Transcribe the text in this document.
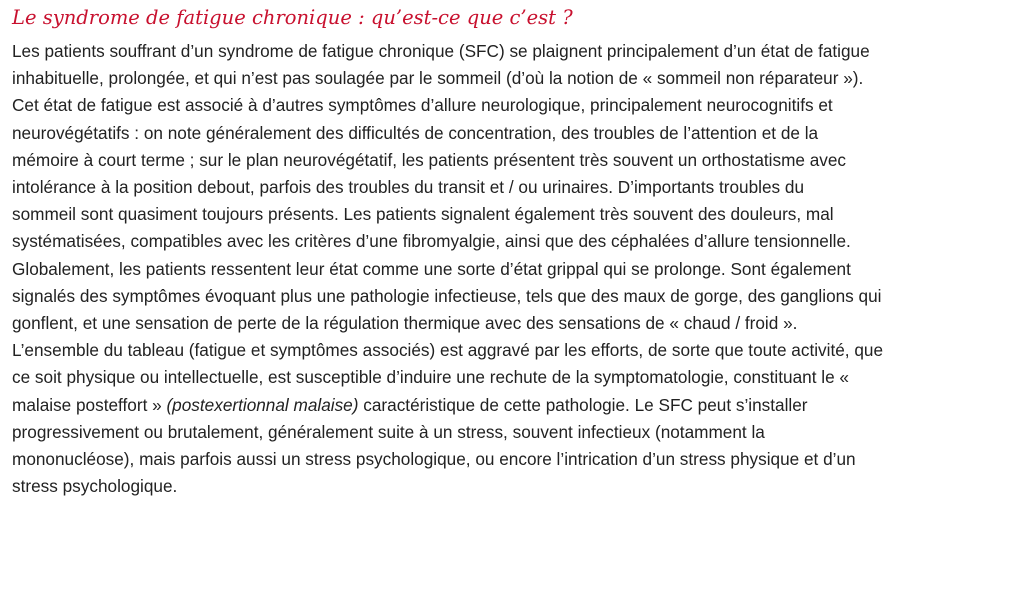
Le syndrome de fatigue chronique : qu’est-ce que c’est ?

Les patients souffrant d’un syndrome de fatigue chronique (SFC) se plaignent principalement d’un état de fatigue
inhabituelle, prolongée, et qui n’est pas soulagée par le sommeil (d’où la notion de « sommeil non réparateur »).
Cet état de fatigue est associé à d’autres symptômes d’allure neurologique, principalement neurocognitifs et
neurovégétatifs : on note généralement des difficultés de concentration, des troubles de l’attention et de la
mémoire à court terme ; sur le plan neurovégétatif, les patients présentent très souvent un orthostatisme avec
intolérance à la position debout, parfois des troubles du transit et / ou urinaires. D’importants troubles du
sommeil sont quasiment toujours présents. Les patients signalent également très souvent des douleurs, mal
systématisées, compatibles avec les critères d’une fibromyalgie, ainsi que des céphalées d’allure tensionnelle.
Globalement, les patients ressentent leur état comme une sorte d’état grippal qui se prolonge. Sont également
signalés des symptômes évoquant plus une pathologie infectieuse, tels que des maux de gorge, des ganglions qui
gonflent, et une sensation de perte de la régulation thermique avec des sensations de « chaud / froid ».
L’ensemble du tableau (fatigue et symptômes associés) est aggravé par les efforts, de sorte que toute activité, que
ce soit physique ou intellectuelle, est susceptible d’induire une rechute de la symptomatologie, constituant le «
malaise posteffort » (postexertionnal malaise) caractéristique de cette pathologie. Le SFC peut s’installer
progressivement ou brutalement, généralement suite à un stress, souvent infectieux (notamment la
mononucléose), mais parfois aussi un stress psychologique, ou encore l’intrication d’un stress physique et d’un
stress psychologique.
